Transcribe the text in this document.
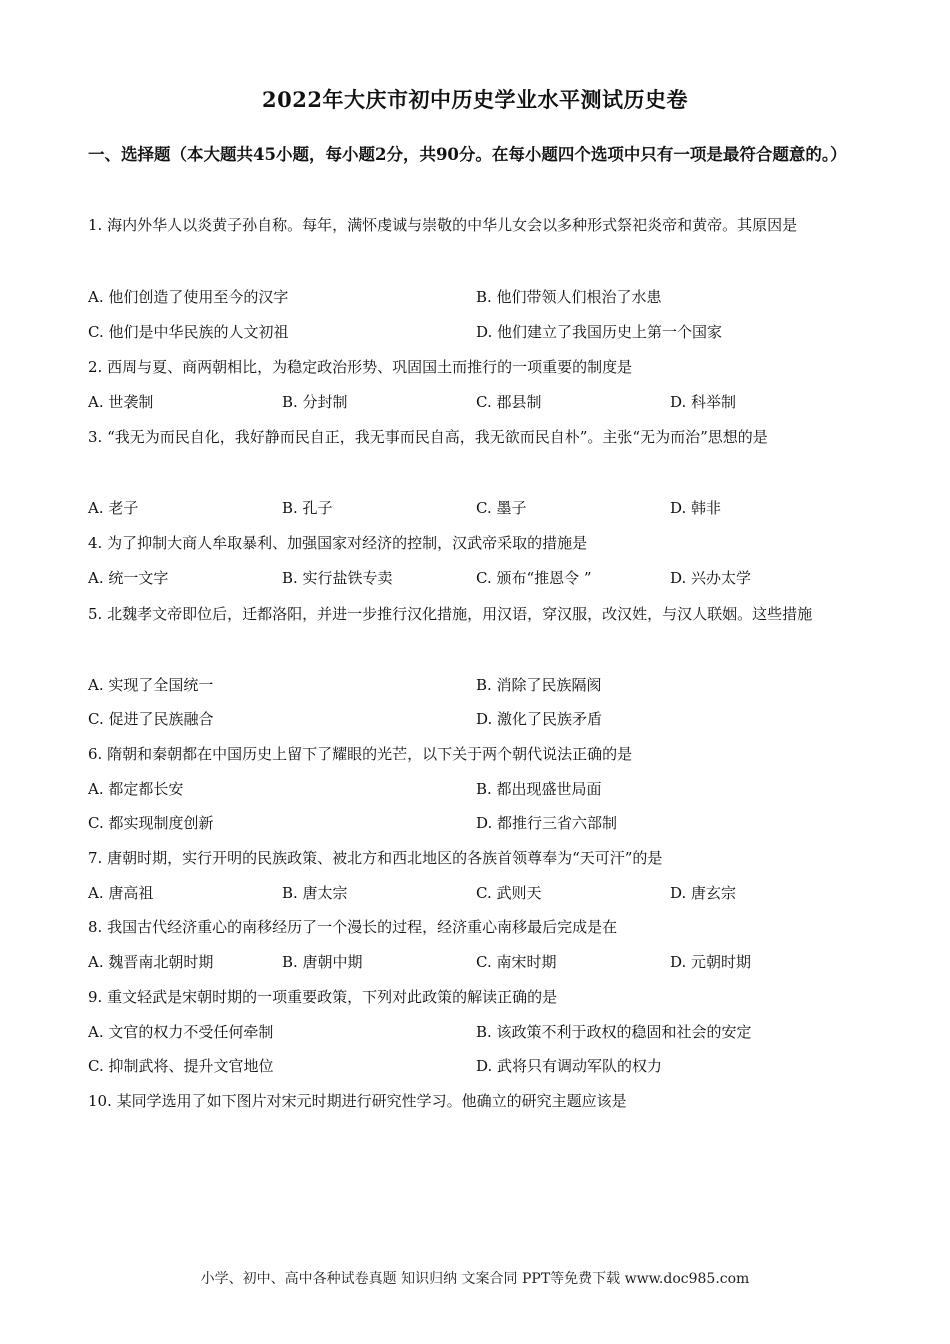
2022年大庆市初中历史学业水平测试历史卷
一、选择题（本大题共45小题，每小题2分，共90分。在每小题四个选项中只有一项是最符合题意的。）
1. 海内外华人以炎黄子孙自称。每年，满怀虔诚与崇敬的中华儿女会以多种形式祭祀炎帝和黄帝。其原因是
A. 他们创造了使用至今的汉字	B. 他们带领人们根治了水患
C. 他们是中华民族的人文初祖	D. 他们建立了我国历史上第一个国家
2. 西周与夏、商两朝相比，为稳定政治形势、巩固国土而推行的一项重要的制度是
A. 世袭制	B. 分封制	C. 郡县制	D. 科举制
3. “我无为而民自化，我好静而民自正，我无事而民自高，我无欲而民自朴”。主张“无为而治”思想的是
A. 老子	B. 孔子	C. 墨子	D. 韩非
4. 为了抑制大商人牟取暴利、加强国家对经济的控制，汉武帝采取的措施是
A. 统一文字	B. 实行盐铁专卖	C. 颁布“推恩令 ”	D. 兴办太学
5. 北魏孝文帝即位后，迁都洛阳，并进一步推行汉化措施，用汉语，穿汉服，改汉姓，与汉人联姻。这些措施
A. 实现了全国统一	B. 消除了民族隔阂
C. 促进了民族融合	D. 激化了民族矛盾
6. 隋朝和秦朝都在中国历史上留下了耀眼的光芒，以下关于两个朝代说法正确的是
A. 都定都长安	B. 都出现盛世局面
C. 都实现制度创新	D. 都推行三省六部制
7. 唐朝时期，实行开明的民族政策、被北方和西北地区的各族首领尊奉为“天可汗”的是
A. 唐高祖	B. 唐太宗	C. 武则天	D. 唐玄宗
8. 我国古代经济重心的南移经历了一个漫长的过程，经济重心南移最后完成是在
A. 魏晋南北朝时期	B. 唐朝中期	C. 南宋时期	D. 元朝时期
9. 重文轻武是宋朝时期的一项重要政策，下列对此政策的解读正确的是
A. 文官的权力不受任何牵制	B. 该政策不利于政权的稳固和社会的安定
C. 抑制武将、提升文官地位	D. 武将只有调动军队的权力
10. 某同学选用了如下图片对宋元时期进行研究性学习。他确立的研究主题应该是
小学、初中、高中各种试卷真题 知识归纳 文案合同 PPT等免费下载 www.doc985.com
